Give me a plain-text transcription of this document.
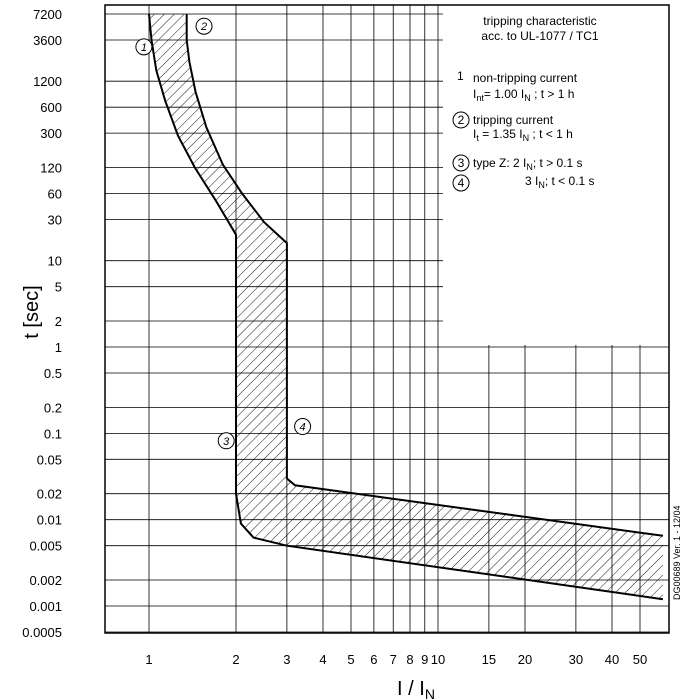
7200
3600
1200
600
300
120
60
30
10
5
2
1
0.5
0.2
0.1
0.05
0.02
0.01
0.005
0.002
0.001
0.0005
1	2	3 4 5 6 7 8 9 10	15 20	30 40 50
1
2
3
4
tripping characteristic
acc. to UL-1077 / TC1
1 non-tripping current
$I_{nt}= 1.00$ $I_N$ ; t > 1 h
2 tripping current
$I_t = 1.35$ $I_N$ ; t < 1 h
3 type Z: 2 $I_N$; t > 0.1 s
4	3 $I_N$; t < 0.1 s
t [sec]
I / $I_N$
DG00689 Ver. 1 - 12/04
